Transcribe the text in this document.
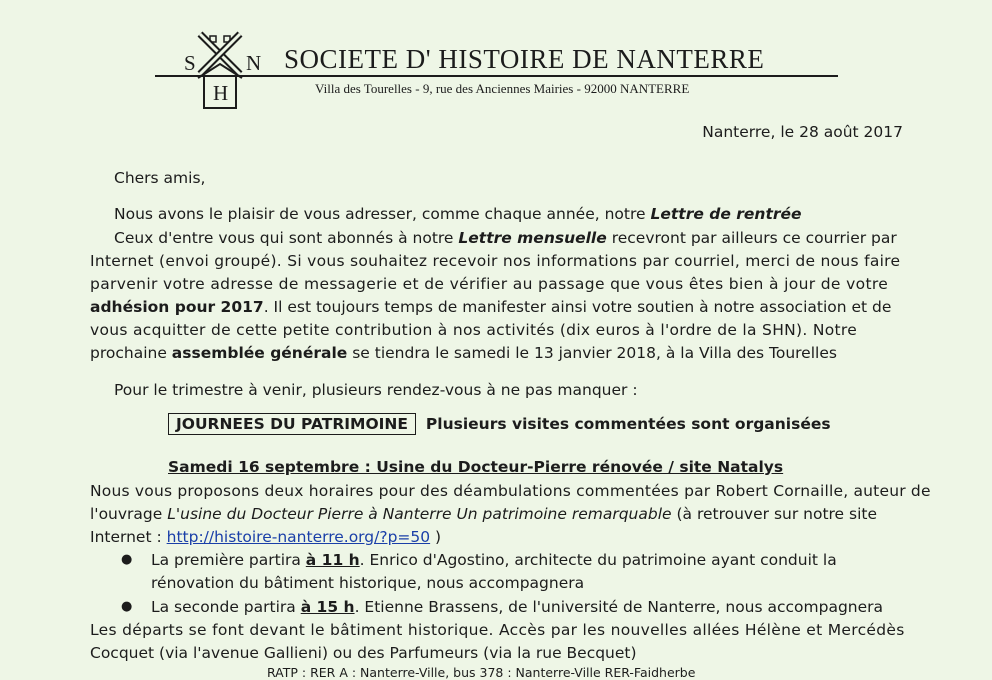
S N
H
SOCIETE D' HISTOIRE DE NANTERRE
Villa des Tourelles - 9, rue des Anciennes Mairies - 92000 NANTERRE
Nanterre, le 28 août 2017
Chers amis,
Nous avons le plaisir de vous adresser, comme chaque année, notre Lettre de rentrée
Ceux d'entre vous qui sont abonnés à notre Lettre mensuelle recevront par ailleurs ce courrier par
Internet (envoi groupé). Si vous souhaitez recevoir nos informations par courriel, merci de nous faire
parvenir votre adresse de messagerie et de vérifier au passage que vous êtes bien à jour de votre
adhésion pour 2017. Il est toujours temps de manifester ainsi votre soutien à notre association et de
vous acquitter de cette petite contribution à nos activités (dix euros à l'ordre de la SHN). Notre
prochaine assemblée générale se tiendra le samedi le 13 janvier 2018, à la Villa des Tourelles
Pour le trimestre à venir, plusieurs rendez-vous à ne pas manquer :
JOURNEES DU PATRIMOINE Plusieurs visites commentées sont organisées
Samedi 16 septembre : Usine du Docteur-Pierre rénovée / site Natalys
Nous vous proposons deux horaires pour des déambulations commentées par Robert Cornaille, auteur de
l'ouvrage L'usine du Docteur Pierre à Nanterre Un patrimoine remarquable (à retrouver sur notre site
Internet : http://histoire-nanterre.org/?p=50 )
● La première partira à 11 h. Enrico d'Agostino, architecte du patrimoine ayant conduit la
rénovation du bâtiment historique, nous accompagnera
● La seconde partira à 15 h. Etienne Brassens, de l'université de Nanterre, nous accompagnera
Les départs se font devant le bâtiment historique. Accès par les nouvelles allées Hélène et Mercédès
Cocquet (via l'avenue Gallieni) ou des Parfumeurs (via la rue Becquet)
RATP : RER A : Nanterre-Ville, bus 378 : Nanterre-Ville RER-Faidherbe
